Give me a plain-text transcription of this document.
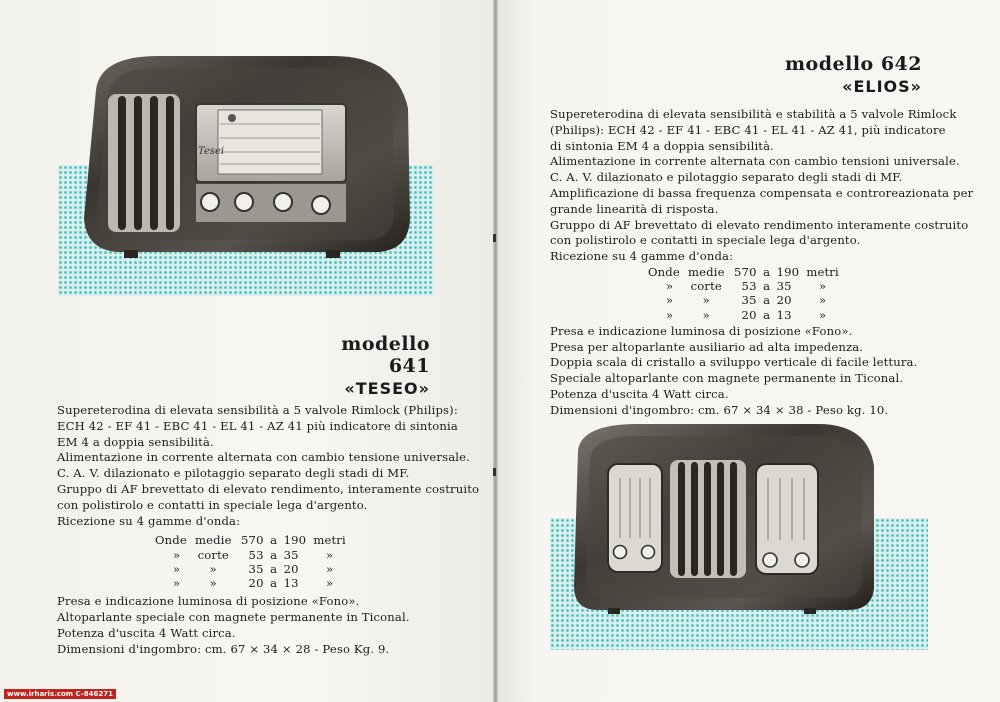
Tesei
modello 641
«TESEO»

Supereterodina di elevata sensibilità a 5 valvole Rimlock (Philips):

ECH 42 - EF 41 - EBC 41 - EL 41 - AZ 41 più indicatore di sintonia

EM 4 a doppia sensibilità.

Alimentazione in corrente alternata con cambio tensione universale.

C. A. V. dilazionato e pilotaggio separato degli stadi di MF.

Gruppo di AF brevettato di elevato rendimento, interamente costruito

con polistirolo e contatti in speciale lega d'argento.

Ricezione su 4 gamme d'onda:

Onde	medie	570	a	190	metri
»	corte	53	a	35	»
»	»	35	a	20	»
»	»	20	a	13	»

Presa e indicazione luminosa di posizione «Fono».

Altoparlante speciale con magnete permanente in Ticonal.

Potenza d'uscita 4 Watt circa.

Dimensioni d'ingombro: cm. 67 × 34 × 28 - Peso Kg. 9.

www.irharis.com C-846271
modello 642
«ELIOS»

Supereterodina di elevata sensibilità e stabilità a 5 valvole Rimlock

(Philips): ECH 42 - EF 41 - EBC 41 - EL 41 - AZ 41, più indicatore

di sintonia EM 4 a doppia sensibilità.

Alimentazione in corrente alternata con cambio tensioni universale.

C. A. V. dilazionato e pilotaggio separato degli stadi di MF.

Amplificazione di bassa frequenza compensata e controreazionata per

grande linearità di risposta.

Gruppo di AF brevettato di elevato rendimento interamente costruito

con polistirolo e contatti in speciale lega d'argento.

Ricezione su 4 gamme d'onda:

Onde	medie	570	a	190	metri
»	corte	53	a	35	»
»	»	35	a	20	»
»	»	20	a	13	»

Presa e indicazione luminosa di posizione «Fono».

Presa per altoparlante ausiliario ad alta impedenza.

Doppia scala di cristallo a sviluppo verticale di facile lettura.

Speciale altoparlante con magnete permanente in Ticonal.

Potenza d'uscita 4 Watt circa.

Dimensioni d'ingombro: cm. 67 × 34 × 38 - Peso kg. 10.
